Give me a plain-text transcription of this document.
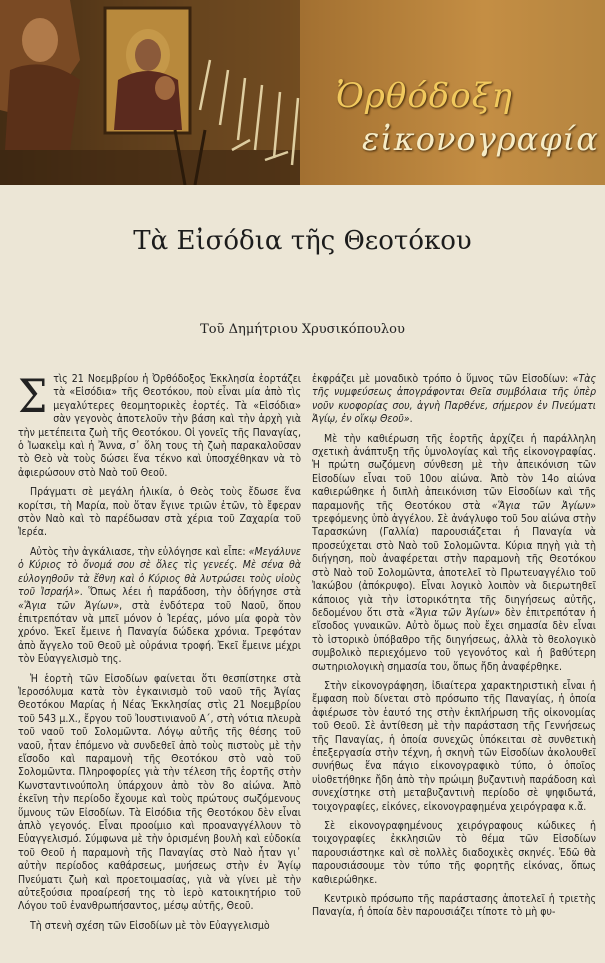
Ὀρθόδοξη
εἰκονογραφία
Τὰ Εἰσόδια τῆς Θεοτόκου
Τοῦ Δημήτριου Χρυσικόπουλου

Στὶς 21 Νοεμβρίου ἡ Ὀρθόδοξος Ἐκκλησία ἑορτάζει τὰ «Εἰσόδια» τῆς Θεοτόκου, ποὺ εἶναι μία ἀπὸ τὶς μεγαλύτερες θεομητορικὲς ἑορτές. Τὰ «Εἰσόδια» σὰν γεγονὸς ἀποτελοῦν τὴν βάση καὶ τὴν ἀρχὴ γιὰ τὴν μετέπειτα ζωὴ τῆς Θεοτόκου. Οἱ γονεῖς τῆς Παναγίας, ὁ Ἰωακεὶμ καὶ ἡ Ἄννα, σ᾽ ὅλη τους τὴ ζωὴ παρακαλοῦσαν τὸ Θεὸ νὰ τοὺς δώσει ἕνα τέκνο καὶ ὑποσχέθηκαν νὰ τὸ ἀφιερώσουν στὸ Ναὸ τοῦ Θεοῦ.

Πράγματι σὲ μεγάλη ἡλικία, ὁ Θεὸς τοὺς ἔδωσε ἕνα κορίτσι, τὴ Μαρία, ποὺ ὅταν ἔγινε τριῶν ἐτῶν, τὸ ἔφεραν στὸν Ναὸ καὶ τὸ παρέδωσαν στὰ χέρια τοῦ Ζαχαρία τοῦ Ἱερέα.

Αὐτὸς τὴν ἀγκάλιασε, τὴν εὐλόγησε καὶ εἶπε: «Μεγάλυνε ὁ Κύριος τὸ ὄνομά σου σὲ ὅλες τὶς γενεές. Μὲ σένα θὰ εὐλογηθοῦν τὰ ἔθνη καὶ ὁ Κύριος θὰ λυτρώσει τοὺς υἱοὺς τοῦ Ἰσραήλ». Ὅπως λέει ἡ παράδοση, τὴν ὁδήγησε στὰ «Ἅγια τῶν Ἁγίων», στὰ ἐνδότερα τοῦ Ναοῦ, ὅπου ἐπιτρεπόταν νὰ μπεῖ μόνον ὁ Ἱερέας, μόνο μία φορὰ τὸν χρόνο. Ἐκεῖ ἔμεινε ἡ Παναγία δώδεκα χρόνια. Τρεφόταν ἀπὸ ἄγγελο τοῦ Θεοῦ μὲ οὐράνια τροφή. Ἐκεῖ ἔμεινε μέχρι τὸν Εὐαγγελισμὸ της.

Ἡ ἑορτὴ τῶν Εἰσοδίων φαίνεται ὅτι θεσπίστηκε στὰ Ἱεροσόλυμα κατὰ τὸν ἐγκαινισμὸ τοῦ ναοῦ τῆς Ἁγίας Θεοτόκου Μαρίας ἡ Νέας Ἐκκλησίας στὶς 21 Νοεμβρίου τοῦ 543 μ.Χ., ἔργου τοῦ Ἰουστινιανοῦ Α΄, στὴ νότια πλευρὰ τοῦ ναοῦ τοῦ Σολομῶντα. Λόγῳ αὐτῆς τῆς θέσης τοῦ ναοῦ, ἦταν ἑπόμενο νὰ συνδεθεῖ ἀπὸ τοὺς πιστοὺς μὲ τὴν εἴσοδο καὶ παραμονὴ τῆς Θεοτόκου στὸ ναὸ τοῦ Σολομῶντα. Πληροφορίες γιὰ τὴν τέλεση τῆς ἑορτῆς στὴν Κωνσταντινούπολη ὑπάρχουν ἀπὸ τὸν 8ο αἰώνα. Ἀπὸ ἐκεῖνη τὴν περίοδο ἔχουμε καὶ τοὺς πρώτους σωζόμενους ὕμνους τῶν Εἰσοδίων. Τὰ Εἰσόδια τῆς Θεοτόκου δὲν εἶναι ἁπλὸ γεγονός. Εἶναι προοίμιο καὶ προαναγγέλλουν τὸ Εὐαγγελισμό. Σύμφωνα μὲ τὴν ὁρισμένη βουλὴ καὶ εὐδοκία τοῦ Θεοῦ ἡ παραμονὴ τῆς Παναγίας στὸ Ναὸ ἦταν γι᾽ αὐτὴν περίοδος καθάρσεως, μυήσεως στὴν ἐν Ἁγίῳ Πνεύματι ζωὴ καὶ προετοιμασίας, γιὰ νὰ γίνει μὲ τὴν αὐτεξούσια προαίρεσή της τὸ ἱερὸ κατοικητήριο τοῦ Λόγου τοῦ ἐνανθρωπήσαντος, μέσῳ αὐτῆς, Θεοῦ.

Τὴ στενὴ σχέση τῶν Εἰσοδίων μὲ τὸν Εὐαγγελισμὸ

ἐκφράζει μὲ μοναδικὸ τρόπο ὁ ὕμνος τῶν Εἰσοδίων: «Τὰς τῆς νυμφεύσεως ἀπογράφονται Θεῖα συμβόλαια τῆς ὑπὲρ νοῦν κυοφορίας σου, ἁγνὴ Παρθένε, σήμερον ἐν Πνεύματι Ἁγίῳ, ἐν οἴκῳ Θεοῦ».

Μὲ τὴν καθιέρωση τῆς ἑορτῆς ἀρχίζει ἡ παράλληλη σχετικὴ ἀνάπτυξη τῆς ὑμνολογίας καὶ τῆς εἰκονογραφίας. Ἡ πρώτη σωζόμενη σύνθεση μὲ τὴν ἀπεικόνιση τῶν Εἰσοδίων εἶναι τοῦ 10ου αἰώνα. Ἀπὸ τὸν 14ο αἰώνα καθιερώθηκε ἡ διπλὴ ἀπεικόνιση τῶν Εἰσοδίων καὶ τῆς παραμονῆς τῆς Θεοτόκου στὰ «Ἅγια τῶν Ἁγίων» τρεφόμενης ὑπὸ ἀγγέλου. Σὲ ἀνάγλυφο τοῦ 5ου αἰώνα στὴν Ταρασκώνη (Γαλλία) παρουσιάζεται ἡ Παναγία νὰ προσεύχεται στὸ Ναὸ τοῦ Σολομῶντα. Κύρια πηγὴ γιὰ τὴ διήγηση, ποὺ ἀναφέρεται στὴν παραμονὴ τῆς Θεοτόκου στὸ Ναὸ τοῦ Σολομῶντα, ἀποτελεῖ τὸ Πρωτευαγγέλιο τοῦ Ἰακώβου (ἀπόκρυφο). Εἶναι λογικὸ λοιπὸν νὰ διερωτηθεῖ κάποιος γιὰ τὴν ἱστορικότητα τῆς διηγήσεως αὐτῆς, δεδομένου ὅτι στὰ «Ἅγια τῶν Ἁγίων» δὲν ἐπιτρεπόταν ἡ εἴσοδος γυναικῶν. Αὐτὸ ὅμως ποὺ ἔχει σημασία δὲν εἶναι τὸ ἱστορικὸ ὑπόβαθρο τῆς διηγήσεως, ἀλλὰ τὸ θεολογικὸ συμβολικὸ περιεχόμενο τοῦ γεγονότος καὶ ἡ βαθύτερη σωτηριολογικὴ σημασία του, ὅπως ἤδη ἀναφέρθηκε.

Στὴν εἰκονογράφηση, ἰδιαίτερα χαρακτηριστικὴ εἶναι ἡ ἔμφαση ποὺ δίνεται στὸ πρόσωπο τῆς Παναγίας, ἡ ὁποία ἀφιέρωσε τὸν ἑαυτό της στὴν ἐκπλήρωση τῆς οἰκονομίας τοῦ Θεοῦ. Σὲ ἀντίθεση μὲ τὴν παράσταση τῆς Γεννήσεως τῆς Παναγίας, ἡ ὁποία συνεχῶς ὑπόκειται σὲ συνθετικὴ ἐπεξεργασία στὴν τέχνη, ἡ σκηνὴ τῶν Εἰσοδίων ἀκολουθεῖ συνήθως ἕνα πάγιο εἰκονογραφικὸ τύπο, ὁ ὁποῖος υἱοθετήθηκε ἤδη ἀπὸ τὴν πρώιμη βυζαντινὴ παράδοση καὶ συνεχίστηκε στὴ μεταβυζαντινὴ περίοδο σὲ ψηφιδωτά, τοιχογραφίες, εἰκόνες, εἰκονογραφημένα χειρόγραφα κ.ἄ.

Σὲ εἰκονογραφημένους χειρόγραφους κώδικες ἡ τοιχογραφίες ἐκκλησιῶν τὸ θέμα τῶν Εἰσοδίων παρουσιάστηκε καὶ σὲ πολλὲς διαδοχικὲς σκηνές. Ἐδῶ θὰ παρουσιάσουμε τὸν τύπο τῆς φορητῆς εἰκόνας, ὅπως καθιερώθηκε.

Κεντρικὸ πρόσωπο τῆς παράστασης ἀποτελεῖ ἡ τριετὴς Παναγία, ἡ ὁποία δὲν παρουσιάζει τίποτε τὸ μὴ φυ-
